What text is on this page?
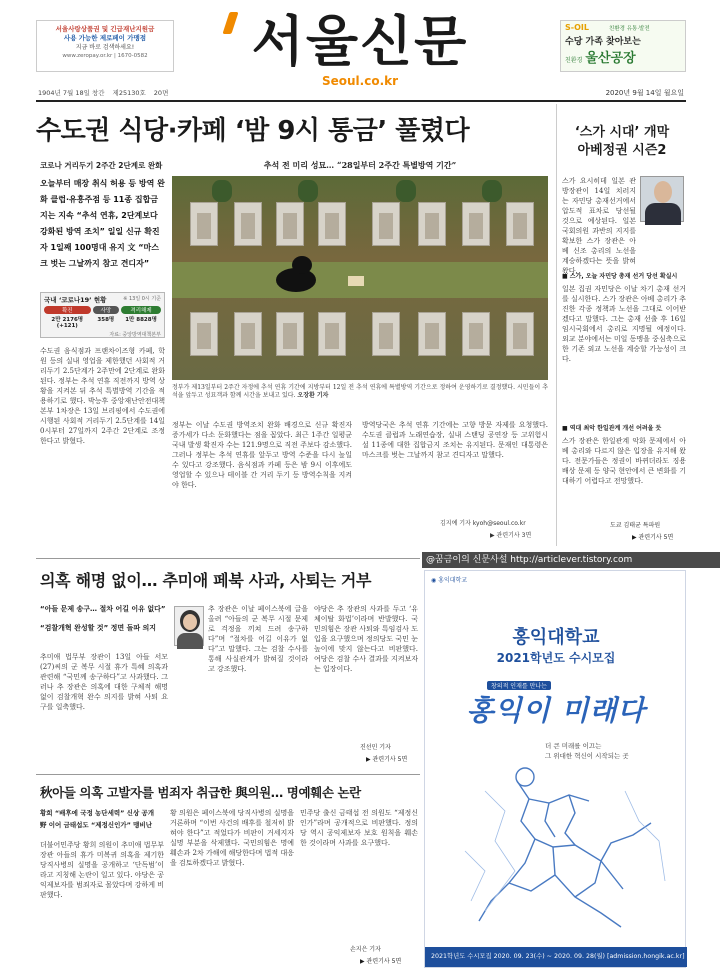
서울사랑상품권 및 긴급재난지원금
사용 가능한 제로페이 가맹점
지금 바로 검색하세요!
www.zeropay.or.kr | 1670-0582	서울신문
Seoul.co.kr
S-OIL	친환경 유통·발전
수당 가족 찾아보는
친환경 울산공장
1904년 7월 18일 창간 제25130호 20면	2020년 9월 14일 월요일
수도권 식당·카페 ‘밤 9시 통금’ 풀렸다
코로나 거리두기 2주간 2단계로 완화
오늘부터 매장 취식 허용 등 방역 완화 클럽·유흥주점 등 11종 집합금지는 지속 “추석 연휴, 2단계보다 강화된 방역 조치” 일일 신규 확진자 1일째 100명대 유지 文 “마스크 벗는 그날까지 참고 견디자”
국내 ‘코로나19’ 현황	※ 13일 0시 기준
확진
2만 2176명(+121)
사망
358명
격리해제
1만 8828명
자료: 중앙방역대책본부
수도권 음식점과 프랜차이즈형 카페, 학원 등의 실내 영업을 제한했던 사회적 거리두기 2.5단계가 2주만에 2단계로 완화된다. 정부는 추석 연휴 직전까지 방역 상황을 지켜본 뒤 추석 특별방역 기간을 적용하기로 했다. 박능후 중앙재난안전대책본부 1차장은 13일 브리핑에서 수도권에 시행된 사회적 거리두기 2.5단계를 14일 0시부터 27일까지 2주간 2단계로 조정한다고 밝혔다.
추석 전 미리 성묘… “28일부터 2주간 특별방역 기간”
정부가 제13일부터 2주간 자정에 추석 연휴 기간에 지방부터 12일 전 추석 연휴에 특별방역 기간으로 정하여 운영하기로 결정했다. 시민들이 추석을 앞두고 성묘객과 함께 시간을 보내고 있다. 오장환 기자
정부는 이날 수도권 방역조치 완화 배경으로 신규 확진자 증가세가 다소 둔화했다는 점을 꼽았다. 최근 1주간 일평균 국내 발생 확진자 수는 121.9명으로 직전 주보다 감소했다. 그러나 정부는 추석 연휴를 앞두고 방역 수준을 다시 높일 수 있다고 강조했다. 음식점과 카페 등은 밤 9시 이후에도 영업할 수 있으나 테이블 간 거리 두기 등 방역수칙을 지켜야 한다.
방역당국은 추석 연휴 기간에는 고향 방문 자제를 요청했다. 수도권 클럽과 노래연습장, 실내 스탠딩 공연장 등 고위험시설 11종에 대한 집합금지 조치는 유지된다. 문재인 대통령은 마스크를 벗는 그날까지 참고 견디자고 말했다.
김지예 기자 kyoh@seoul.co.kr
▶ 관련기사 3면
‘스가 시대’ 개막
아베정권 시즌2
스가 요시히데 일본 관방장관이 14일 치러지는 자민당 총재선거에서 압도적 표차로 당선될 것으로 예상된다. 일본 국회의원 과반의 지지를 확보한 스가 장관은 아베 신조 총리의 노선을 계승하겠다는 뜻을 밝혀왔다.
■ 스가, 오늘 자민당 총재 선거 당선 확실시
일본 집권 자민당은 이날 차기 총재 선거를 실시한다. 스가 장관은 아베 총리가 추진한 각종 정책과 노선을 그대로 이어받겠다고 말했다. 그는 총재 선출 후 16일 임시국회에서 총리로 지명될 예정이다. 외교 분야에서는 미일 동맹을 중심축으로 한 기존 외교 노선을 계승할 가능성이 크다.
■ 역대 최악 한일관계 개선 어려울 듯
스가 장관은 한일관계 악화 문제에서 아베 총리와 다르지 않은 입장을 유지해 왔다. 전문가들은 정권이 바뀌더라도 징용 배상 문제 등 양국 현안에서 큰 변화를 기대하기 어렵다고 전망했다.
도쿄 김태균 특파원
▶ 관련기사 5면
@꿈금이의 신문사설 http://articlever.tistory.com
의혹 해명 없이… 추미애 페북 사과, 사퇴는 거부
“아들 문제 송구… 절차 어길 이유 없다”
“검찰개혁 완성할 것” 정면 돌파 의지
추미애 법무부 장관이 13일 아들 서모(27)씨의 군 복무 시절 휴가 특혜 의혹과 관련해 “국민께 송구하다”고 사과했다. 그러나 추 장관은 의혹에 대한 구체적 해명 없이 검찰개혁 완수 의지를 밝혀 사퇴 요구를 일축했다.
추 장관은 이날 페이스북에 글을 올려 “아들의 군 복무 시절 문제로 걱정을 끼쳐 드려 송구하다”며 “절차를 어길 이유가 없다”고 말했다. 그는 검찰 수사를 통해 사실관계가 밝혀질 것이라고 강조했다.
야당은 추 장관의 사과를 두고 ‘유체이탈 화법’이라며 반발했다. 국민의힘은 장관 사퇴와 특임검사 도입을 요구했으며 정의당도 국민 눈높이에 맞지 않는다고 비판했다. 여당은 검찰 수사 결과를 지켜보자는 입장이다.
진선민 기자
▶ 관련기사 5면
秋아들 의혹 고발자를 범죄자 취급한 與의원… 명예훼손 논란
황희 “배후에 국정 농단세력” 신상 공개
野 이어 금태섭도 “제정신인가” 맹비난
더불어민주당 황희 의원이 추미애 법무부 장관 아들의 휴가 미복귀 의혹을 제기한 당직사병의 실명을 공개하고 ‘단독범’이라고 지칭해 논란이 일고 있다. 야당은 공익제보자를 범죄자로 몰았다며 강하게 비판했다.
황 의원은 페이스북에 당직사병의 실명을 거론하며 “이번 사건의 배후를 철저히 밝혀야 한다”고 적었다가 비판이 거세지자 실명 부분을 삭제했다. 국민의힘은 명예훼손과 2차 가해에 해당한다며 법적 대응을 검토하겠다고 밝혔다.
민주당 출신 금태섭 전 의원도 “제정신인가”라며 공개적으로 비판했다. 정의당 역시 공익제보자 보호 원칙을 훼손한 것이라며 사과를 요구했다.
손지은 기자
▶ 관련기사 5면
◉ 홍익대학교
홍익대학교
2021학년도 수시모집
창의적 인재를 만나는
홍익이 미래다
더 큰 미래를 이끄는
그 위대한 혁신이 시작되는 곳
2021학년도 수시모집 2020. 09. 23(수) ~ 2020. 09. 28(월) [admission.hongik.ac.kr]
